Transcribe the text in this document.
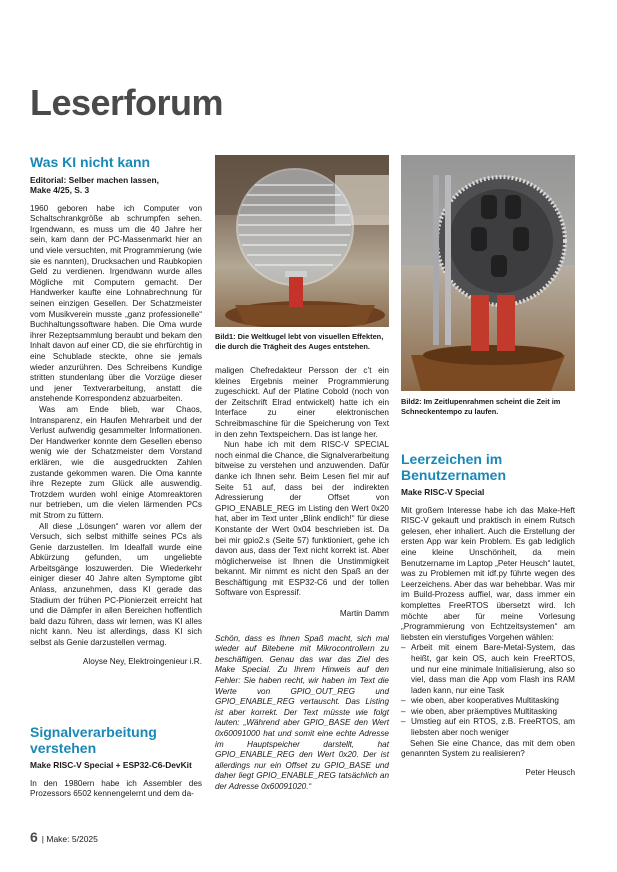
Leserforum
Was KI nicht kann
Editorial: Selber machen lassen,
Make 4/25, S. 3

1960 geboren habe ich Computer von Schaltschrankgröße ab schrumpfen sehen. Irgendwann, es muss um die 40 Jahre her sein, kam dann der PC-Massenmarkt hier an und viele versuchten, mit Programmierung (wie sie es nannten), Drucksachen und Raubkopien Geld zu verdienen. Irgendwann wurde alles Mögliche mit Computern gemacht. Der Handwerker kaufte eine Lohnabrechnung für seinen einzigen Gesellen. Der Schatzmeister vom Musikverein musste „ganz professionelle“ Buchhaltungssoftware haben. Die Oma wurde ihrer Rezeptsammlung beraubt und bekam den Inhalt davon auf einer CD, die sie ehrfürchtig in eine Schublade steckte, ohne sie jemals wieder anzurühren. Des Schreibens Kundige stritten stundenlang über die Vorzüge dieser und jener Textverarbeitung, anstatt die anstehende Korrespondenz abzuarbeiten.

Was am Ende blieb, war Chaos, Intransparenz, ein Haufen Mehrarbeit und der Verlust aufwendig gesammelter Informationen. Der Handwerker konnte dem Gesellen ebenso wenig wie der Schatzmeister dem Vorstand erklären, wie die ausgedruckten Zahlen zustande gekommen waren. Die Oma kannte ihre Rezepte zum Glück alle auswendig. Trotzdem wurden wohl einige Atomreaktoren nur betrieben, um die vielen lärmenden PCs mit Strom zu füttern.

All diese „Lösungen“ waren vor allem der Versuch, sich selbst mithilfe seines PCs als Genie darzustellen. Im Idealfall wurde eine Abkürzung gefunden, um ungeliebte Arbeitsgänge loszuwerden. Die Wiederkehr einiger dieser 40 Jahre alten Symptome gibt Anlass, anzunehmen, dass KI gerade das Stadium der frühen PC-Pionierzeit erreicht hat und die Dämpfer in allen Bereichen hoffentlich bald dazu führen, dass wir lernen, was KI alles nicht kann. Neu ist allerdings, dass KI sich selbst als Genie darzustellen vermag.

Aloyse Ney, Elektroingenieur i.R.
Signalverarbeitung verstehen
Make RISC-V Special + ESP32-C6-DevKit

In den 1980ern habe ich Assembler des Prozessors 6502 kennengelernt und dem da-

Bild1: Die Weltkugel lebt von visuellen Effekten, die durch die Trägheit des Auges entstehen.

maligen Chefredakteur Persson der c’t ein kleines Ergebnis meiner Programmierung zugeschickt. Auf der Platine Cobold (noch von der Zeitschrift Elrad entwickelt) hatte ich ein Interface zu einer elektronischen Schreibmaschine für die Speicherung von Text in den zehn Textspeichern. Das ist lange her.

Nun habe ich mit dem RISC-V SPECIAL noch einmal die Chance, die Signalverarbeitung bitweise zu verstehen und anzuwenden. Dafür danke ich Ihnen sehr. Beim Lesen fiel mir auf Seite 51 auf, dass bei der indirekten Adressierung der Offset von GPIO_ENABLE_REG im Listing den Wert 0x20 hat, aber im Text unter „Blink endlich!“ für diese Konstante der Wert 0x04 beschrieben ist. Da bei mir gpio2.s (Seite 57) funktioniert, gehe ich davon aus, dass der Text nicht korrekt ist. Aber möglicherweise ist Ihnen die Unstimmigkeit bekannt. Mir nimmt es nicht den Spaß an der Beschäftigung mit ESP32-C6 und der tollen Software von Espressif.

Martin Damm

Schön, dass es Ihnen Spaß macht, sich mal wieder auf Bitebene mit Mikrocontrollern zu beschäftigen. Genau das war das Ziel des Make Special. Zu Ihrem Hinweis auf den Fehler: Sie haben recht, wir haben im Text die Werte von GPIO_OUT_REG und GPIO_ENABLE_REG vertauscht. Das Listing ist aber korrekt. Der Text müsste wie folgt lauten: „Während aber GPIO_BASE den Wert 0x60091000 hat und somit eine echte Adresse im Hauptspeicher darstellt, hat GPIO_ENABLE_REG den Wert 0x20. Der ist allerdings nur ein Offset zu GPIO_BASE und daher liegt GPIO_ENABLE_REG tatsächlich an der Adresse 0x60091020.“

Bild2: Im Zeitlupenrahmen scheint die Zeit im Schneckentempo zu laufen.
Leerzeichen im Benutzernamen
Make RISC-V Special

Mit großem Interesse habe ich das Make-Heft RISC-V gekauft und praktisch in einem Rutsch gelesen, eher inhaliert. Auch die Erstellung der ersten App war kein Problem. Es gab lediglich eine kleine Unschönheit, da mein Benutzername im Laptop „Peter Heusch“ lautet, was zu Problemen mit idf.py führte wegen des Leerzeichens. Aber das war behebbar. Was mir im Build-Prozess auffiel, war, dass immer ein komplettes FreeRTOS übersetzt wird. Ich möchte aber für meine Vorlesung „Programmierung von Echtzeitsystemen“ am liebsten ein vierstufiges Vorgehen wählen:

– Arbeit mit einem Bare-Metal-System, das heißt, gar kein OS, auch kein FreeRTOS, und nur eine minimale Initialisierung, also so viel, dass man die App vom Flash ins RAM laden kann, nur eine Task
– wie oben, aber kooperatives Multitasking
– wie oben, aber präemptives Multitasking
– Umstieg auf ein RTOS, z.B. FreeRTOS, am liebsten aber noch weniger

Sehen Sie eine Chance, das mit dem oben genannten System zu realisieren?

Peter Heusch
6 | Make: 5/2025
